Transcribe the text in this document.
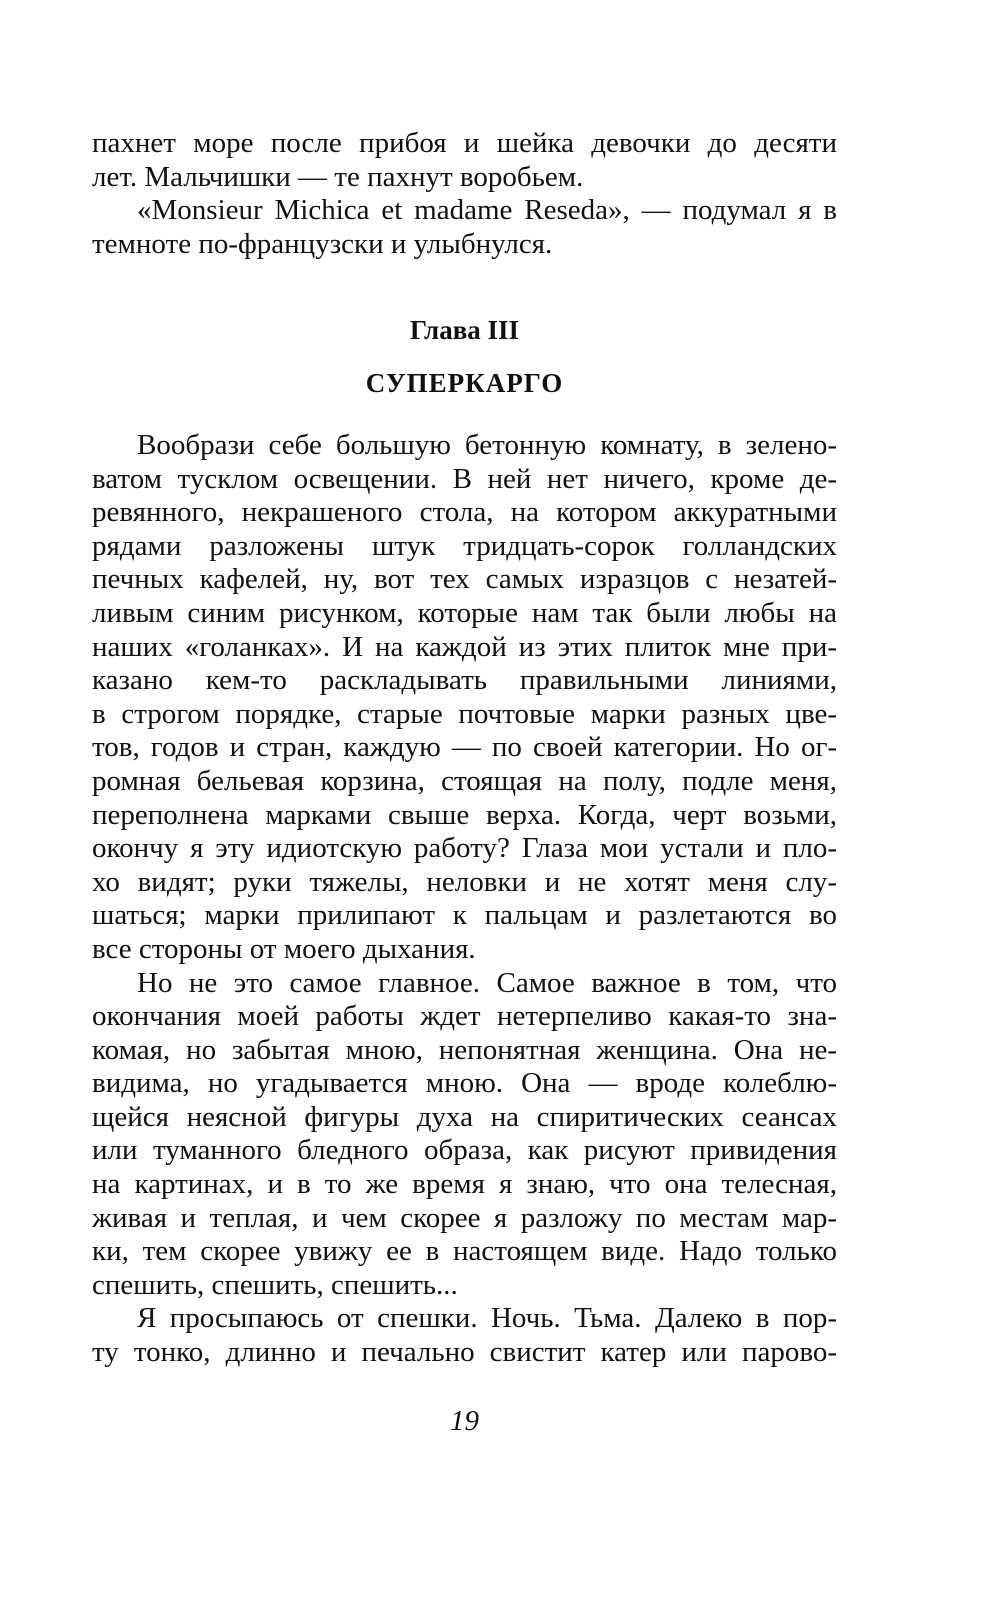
пахнет море после прибоя и шейка девочки до десяти
лет. Мальчишки — те пахнут воробьем.
«Monsieur Michica et madame Reseda», — подумал я в
темноте по-французски и улыбнулся.
Глава III
СУПЕРКАРГО
Вообрази себе большую бетонную комнату, в зелено-
ватом тусклом освещении. В ней нет ничего, кроме де-
ревянного, некрашеного стола, на котором аккуратными
рядами разложены штук тридцать-сорок голландских
печных кафелей, ну, вот тех самых изразцов с незатей-
ливым синим рисунком, которые нам так были любы на
наших «голанках». И на каждой из этих плиток мне при-
казано кем-то раскладывать правильными линиями,
в строгом порядке, старые почтовые марки разных цве-
тов, годов и стран, каждую — по своей категории. Но ог-
ромная бельевая корзина, стоящая на полу, подле меня,
переполнена марками свыше верха. Когда, черт возьми,
окончу я эту идиотскую работу? Глаза мои устали и пло-
хо видят; руки тяжелы, неловки и не хотят меня слу-
шаться; марки прилипают к пальцам и разлетаются во
все стороны от моего дыхания.
Но не это самое главное. Самое важное в том, что
окончания моей работы ждет нетерпеливо какая-то зна-
комая, но забытая мною, непонятная женщина. Она не-
видима, но угадывается мною. Она — вроде колеблю-
щейся неясной фигуры духа на спиритических сеансах
или туманного бледного образа, как рисуют привидения
на картинах, и в то же время я знаю, что она телесная,
живая и теплая, и чем скорее я разложу по местам мар-
ки, тем скорее увижу ее в настоящем виде. Надо только
спешить, спешить, спешить...
Я просыпаюсь от спешки. Ночь. Тьма. Далеко в пор-
ту тонко, длинно и печально свистит катер или парово-
19
